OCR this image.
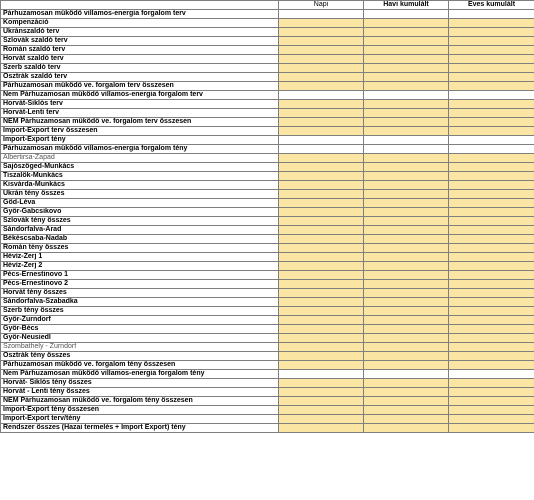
	Napi	Havi kumulált	Éves kumulált
Párhuzamosan működő villamos-energia forgalom terv			
Kompenzáció			
Ukránszaldó terv			
Szlovák szaldó terv			
Román szaldó terv			
Horvát szaldó terv			
Szerb szaldó terv			
Osztrák szaldó terv			
Párhuzamosan működő ve. forgalom terv összesen			
Nem Párhuzamosan működő villamos-energia forgalom terv			
Horvát-Siklós terv			
Horvát-Lenti terv			
NEM Párhuzamosan működő ve. forgalom terv összesen			
Import-Export terv összesen			
Import-Export tény			
Párhuzamosan működő villamos-energia forgalom tény			
Albertirsa-Zapad			
Sajószöged-Munkács			
Tiszalök-Munkács			
Kisvárda-Munkács			
Ukrán tény összes			
Göd-Léva			
Győr-Gabcsikovo			
Szlovák tény összes			
Sándorfalva-Arad			
Békéscsaba-Nadab			
Román tény összes			
Hévíz-Zerj 1			
Hévíz-Zerj 2			
Pécs-Ernestinovo 1			
Pécs-Ernestinovo 2			
Horvát tény összes			
Sándorfalva-Szabadka			
Szerb tény összes			
Győr-Zurndorf			
Győr-Bécs			
Győr-Neusiedl			
Szombathely - Zurndorf			
Osztrák tény összes			
Párhuzamosan működő ve. forgalom tény összesen			
Nem Párhuzamosan működő villamos-energia forgalom tény			
Horvát- Siklós tény összes			
Horvát - Lenti tény összes			
NEM Párhuzamosan működő ve. forgalom tény összesen			
Import-Export tény összesen			
Import-Export terv/tény			
Rendszer összes (Hazai termelés + Import Export) tény			
